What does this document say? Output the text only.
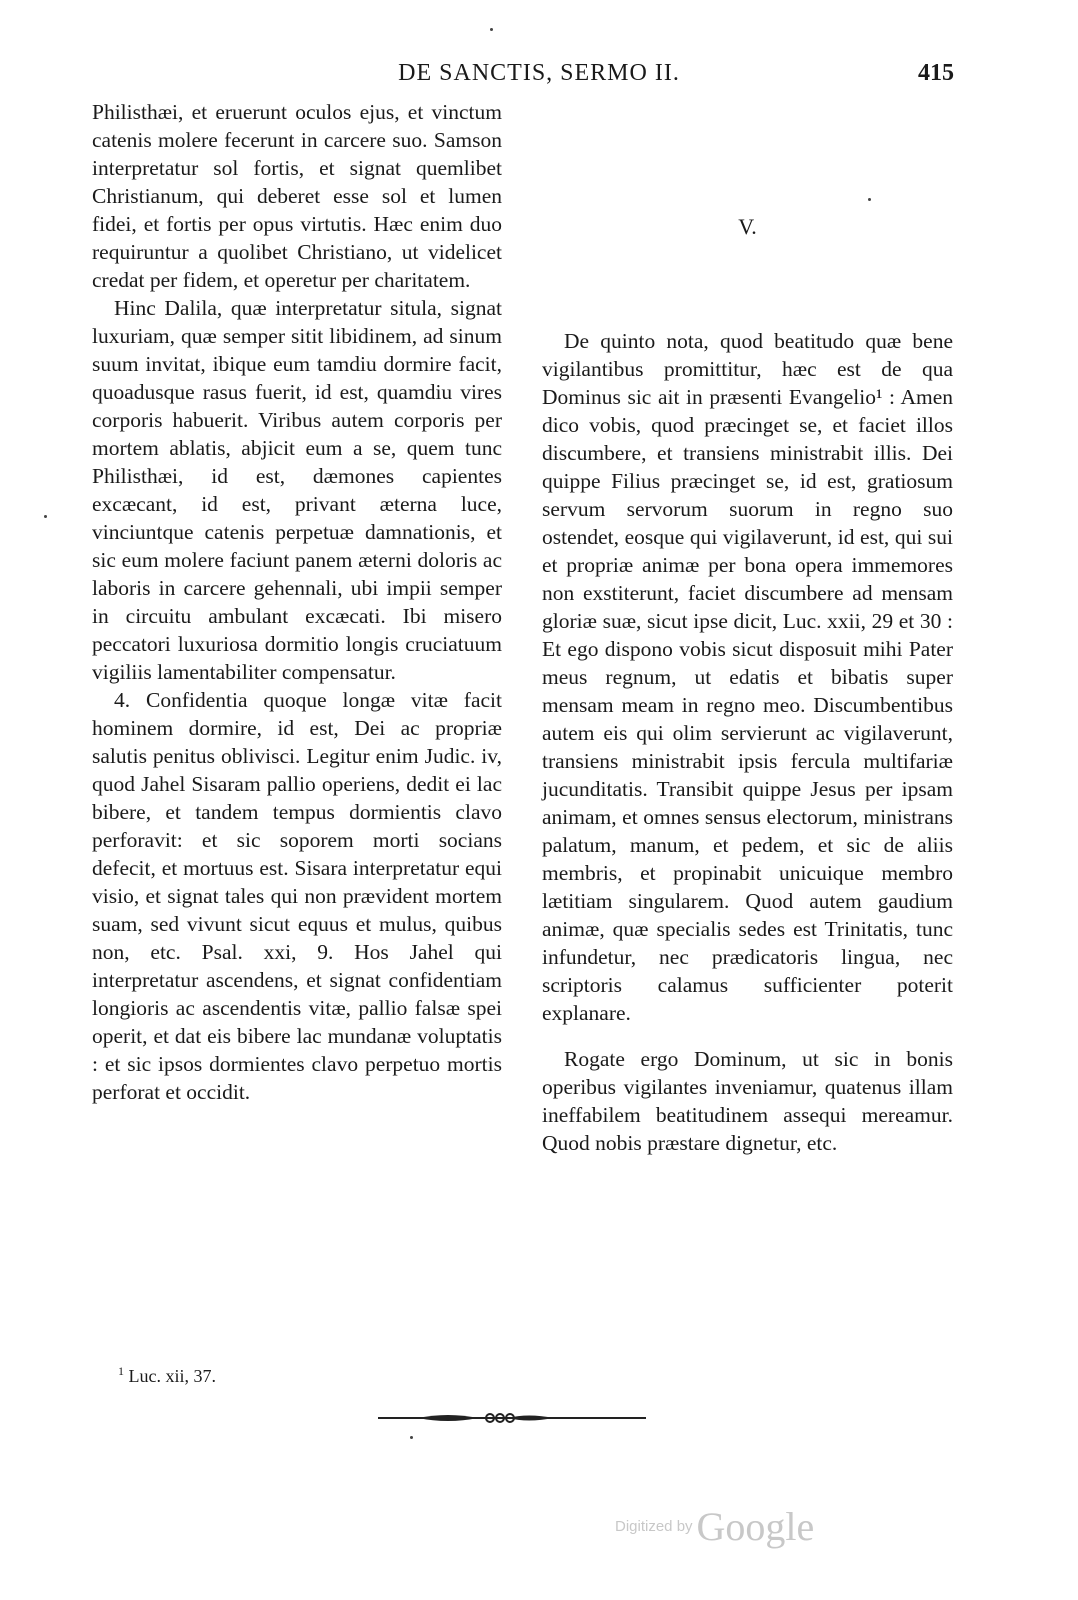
DE SANCTIS, SERMO II.	415

Philisthæi, et eruerunt oculos ejus, et vinctum catenis molere fecerunt in carcere suo. Samson interpretatur sol fortis, et signat quemlibet Christianum, qui deberet esse sol et lumen fidei, et fortis per opus virtutis. Hæc enim duo requiruntur a quolibet Christiano, ut videlicet credat per fidem, et operetur per charitatem.

Hinc Dalila, quæ interpretatur situla, signat luxuriam, quæ semper sitit libidinem, ad sinum suum invitat, ibique eum tamdiu dormire facit, quoadusque rasus fuerit, id est, quamdiu vires corporis habuerit. Viribus autem corporis per mortem ablatis, abjicit eum a se, quem tunc Philisthæi, id est, dæmones capientes excæcant, id est, privant æterna luce, vinciuntque catenis perpetuæ damnationis, et sic eum molere faciunt panem æterni doloris ac laboris in carcere gehennali, ubi impii semper in circuitu ambulant excæcati. Ibi misero peccatori luxuriosa dormitio longis cruciatuum vigiliis lamentabiliter compensatur.

4. Confidentia quoque longæ vitæ facit hominem dormire, id est, Dei ac propriæ salutis penitus oblivisci. Legitur enim Judic. iv, quod Jahel Sisaram pallio operiens, dedit ei lac bibere, et tandem tempus dormientis clavo perforavit: et sic soporem morti socians defecit, et mortuus est. Sisara interpretatur equi visio, et signat tales qui non prævident mortem suam, sed vivunt sicut equus et mulus, quibus non, etc. Psal. xxi, 9. Hos Jahel qui interpretatur ascendens, et signat confidentiam longioris ac ascendentis vitæ, pallio falsæ spei operit, et dat eis bibere lac mundanæ voluptatis : et sic ipsos dormientes clavo perpetuo mortis perforat et occidit.

V.

De quinto nota, quod beatitudo quæ bene vigilantibus promittitur, hæc est de qua Dominus sic ait in præsenti Evangelio¹ : Amen dico vobis, quod præcinget se, et faciet illos discumbere, et transiens ministrabit illis. Dei quippe Filius præcinget se, id est, gratiosum servum servorum suorum in regno suo ostendet, eosque qui vigilaverunt, id est, qui sui et propriæ animæ per bona opera immemores non exstiterunt, faciet discumbere ad mensam gloriæ suæ, sicut ipse dicit, Luc. xxii, 29 et 30 : Et ego dispono vobis sicut disposuit mihi Pater meus regnum, ut edatis et bibatis super mensam meam in regno meo. Discumbentibus autem eis qui olim servierunt ac vigilaverunt, transiens ministrabit ipsis fercula multifariæ jucunditatis. Transibit quippe Jesus per ipsam animam, et omnes sensus electorum, ministrans palatum, manum, et pedem, et sic de aliis membris, et propinabit unicuique membro lætitiam singularem. Quod autem gaudium animæ, quæ specialis sedes est Trinitatis, tunc infundetur, nec prædicatoris lingua, nec scriptoris calamus sufficienter poterit explanare.

Rogate ergo Dominum, ut sic in bonis operibus vigilantes inveniamur, quatenus illam ineffabilem beatitudinem assequi mereamur. Quod nobis præstare dignetur, etc.

$^1$ Luc. xii, 37.
Digitized by Google
